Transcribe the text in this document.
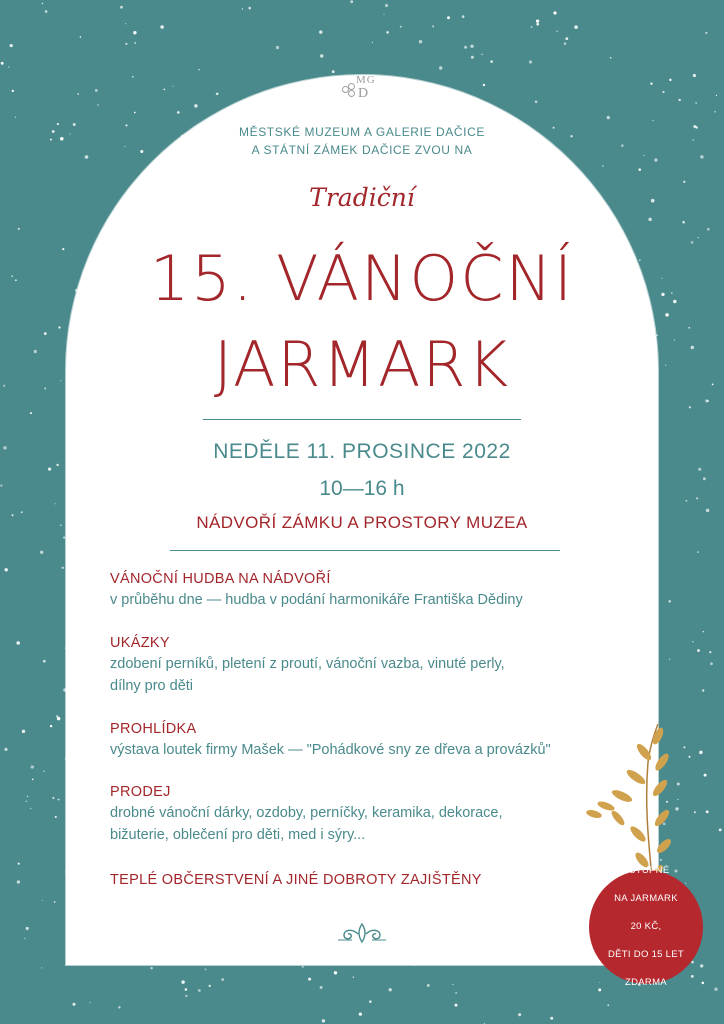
MG
D
MĚSTSKÉ MUZEUM A GALERIE DAČICE
A STÁTNÍ ZÁMEK DAČICE ZVOU NA
Tradiční
15. VÁNOČNÍ
JARMARK
NEDĚLE 11. PROSINCE 2022
10—16 h
NÁDVOŘÍ ZÁMKU A PROSTORY MUZEA
VÁNOČNÍ HUDBA NA NÁDVOŘÍ
v průběhu dne — hudba v podání harmonikáře Františka Dědiny
UKÁZKY
zdobení perníků, pletení z proutí, vánoční vazba, vinuté perly,
dílny pro děti
PROHLÍDKA
výstava loutek firmy Mašek — "Pohádkové sny ze dřeva a provázků"
PRODEJ
drobné vánoční dárky, ozdoby, perníčky, keramika, dekorace,
bižuterie, oblečení pro děti, med i sýry...
TEPLÉ OBČERSTVENÍ A JINÉ DOBROTY ZAJIŠTĚNY

VSTUPNÉ

NA JARMARK

20 KČ,

DĚTI DO 15 LET

ZDARMA
